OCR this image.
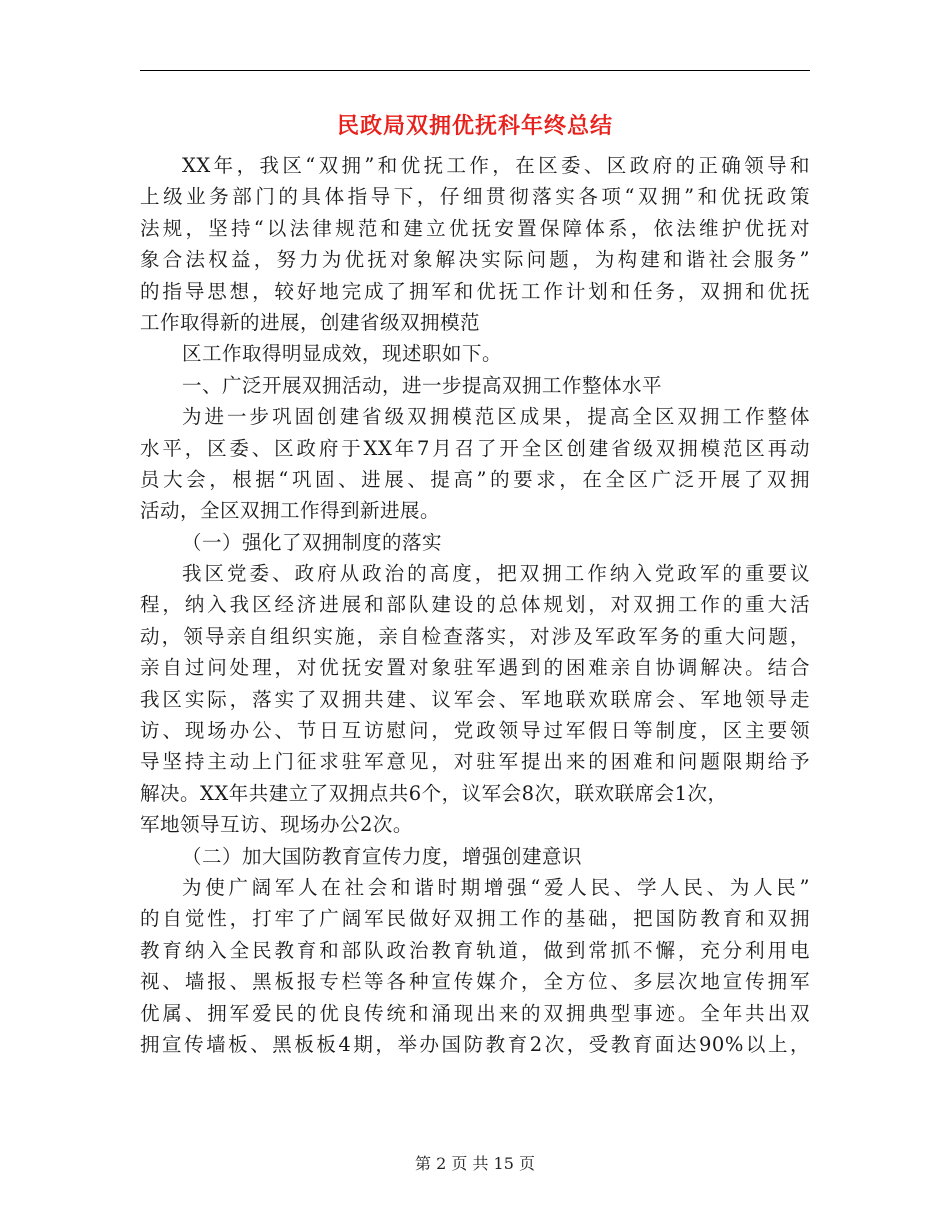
民政局双拥优抚科年终总结
XX年，我区“双拥”和优抚工作，在区委、区政府的正确领导和
上级业务部门的具体指导下，仔细贯彻落实各项“双拥”和优抚政策
法规，坚持“以法律规范和建立优抚安置保障体系，依法维护优抚对
象合法权益，努力为优抚对象解决实际问题，为构建和谐社会服务”
的指导思想，较好地完成了拥军和优抚工作计划和任务，双拥和优抚
工作取得新的进展，创建省级双拥模范
区工作取得明显成效，现述职如下。
一、广泛开展双拥活动，进一步提高双拥工作整体水平
为进一步巩固创建省级双拥模范区成果，提高全区双拥工作整体
水平，区委、区政府于XX年7月召了开全区创建省级双拥模范区再动
员大会，根据“巩固、进展、提高”的要求，在全区广泛开展了双拥
活动，全区双拥工作得到新进展。
（一）强化了双拥制度的落实
我区党委、政府从政治的高度，把双拥工作纳入党政军的重要议
程，纳入我区经济进展和部队建设的总体规划，对双拥工作的重大活
动，领导亲自组织实施，亲自检查落实，对涉及军政军务的重大问题，
亲自过问处理，对优抚安置对象驻军遇到的困难亲自协调解决。结合
我区实际，落实了双拥共建、议军会、军地联欢联席会、军地领导走
访、现场办公、节日互访慰问，党政领导过军假日等制度，区主要领
导坚持主动上门征求驻军意见，对驻军提出来的困难和问题限期给予
解决。XX年共建立了双拥点共6个，议军会8次，联欢联席会1次，
军地领导互访、现场办公2次。
（二）加大国防教育宣传力度，增强创建意识
为使广阔军人在社会和谐时期增强“爱人民、学人民、为人民”
的自觉性，打牢了广阔军民做好双拥工作的基础，把国防教育和双拥
教育纳入全民教育和部队政治教育轨道，做到常抓不懈，充分利用电
视、墙报、黑板报专栏等各种宣传媒介，全方位、多层次地宣传拥军
优属、拥军爱民的优良传统和涌现出来的双拥典型事迹。全年共出双
拥宣传墙板、黑板板4期，举办国防教育2次，受教育面达90%以上，
第 2 页 共 15 页
